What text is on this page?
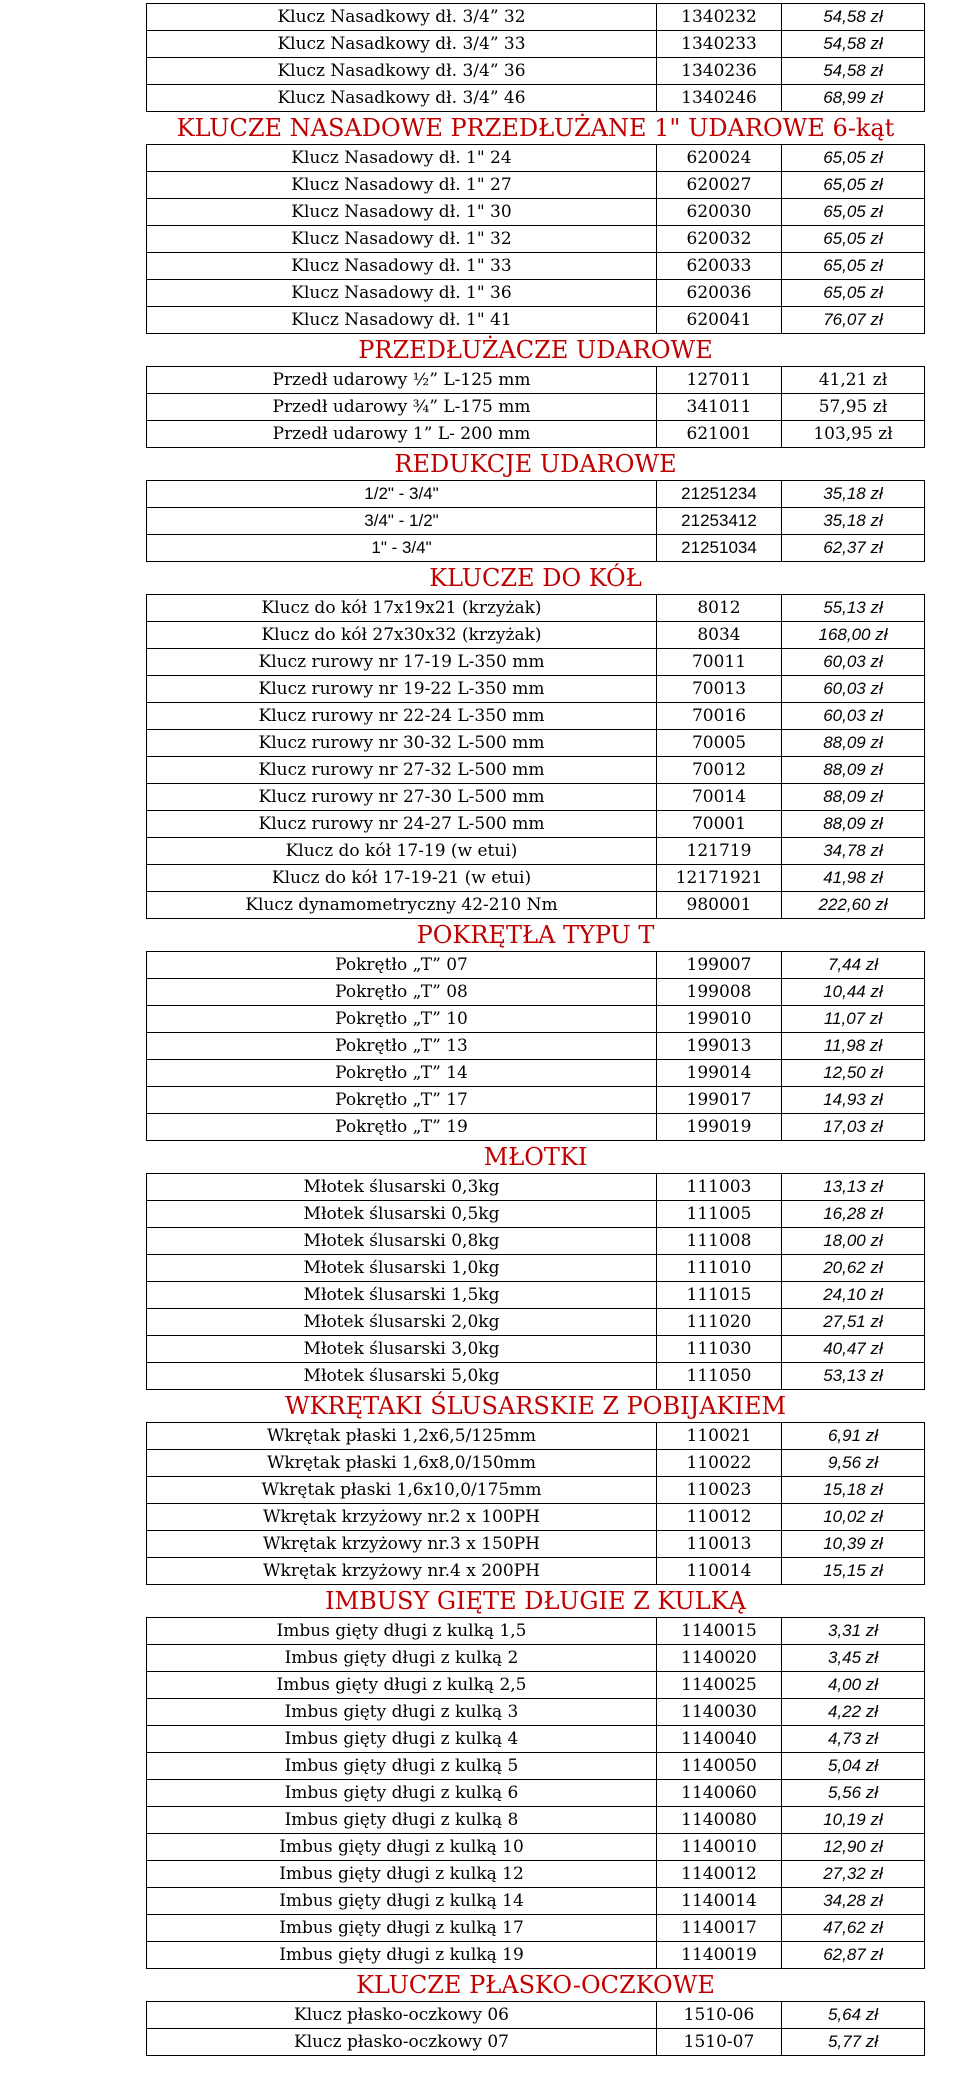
Klucz Nasadkowy dł. 3/4” 32	1340232	54,58 zł
Klucz Nasadkowy dł. 3/4” 33	1340233	54,58 zł
Klucz Nasadkowy dł. 3/4” 36	1340236	54,58 zł
Klucz Nasadkowy dł. 3/4” 46	1340246	68,99 zł
KLUCZE NASADOWE PRZEDŁUŻANE 1" UDAROWE 6-kąt		
Klucz Nasadowy dł. 1" 24	620024	65,05 zł
Klucz Nasadowy dł. 1" 27	620027	65,05 zł
Klucz Nasadowy dł. 1" 30	620030	65,05 zł
Klucz Nasadowy dł. 1" 32	620032	65,05 zł
Klucz Nasadowy dł. 1" 33	620033	65,05 zł
Klucz Nasadowy dł. 1" 36	620036	65,05 zł
Klucz Nasadowy dł. 1" 41	620041	76,07 zł
PRZEDŁUŻACZE UDAROWE		
Przedł udarowy ½” L-125 mm	127011	41,21 zł
Przedł udarowy ¾” L-175 mm	341011	57,95 zł
Przedł udarowy 1” L- 200 mm	621001	103,95 zł
REDUKCJE UDAROWE		
1/2" - 3/4"	21251234	35,18 zł
3/4" - 1/2"	21253412	35,18 zł
1" - 3/4"	21251034	62,37 zł
KLUCZE DO KÓŁ		
Klucz do kół 17x19x21 (krzyżak)	8012	55,13 zł
Klucz do kół 27x30x32 (krzyżak)	8034	168,00 zł
Klucz rurowy nr 17-19 L-350 mm	70011	60,03 zł
Klucz rurowy nr 19-22 L-350 mm	70013	60,03 zł
Klucz rurowy nr 22-24 L-350 mm	70016	60,03 zł
Klucz rurowy nr 30-32 L-500 mm	70005	88,09 zł
Klucz rurowy nr 27-32 L-500 mm	70012	88,09 zł
Klucz rurowy nr 27-30 L-500 mm	70014	88,09 zł
Klucz rurowy nr 24-27 L-500 mm	70001	88,09 zł
Klucz do kół 17-19 (w etui)	121719	34,78 zł
Klucz do kół 17-19-21 (w etui)	12171921	41,98 zł
Klucz dynamometryczny 42-210 Nm	980001	222,60 zł
POKRĘTŁA TYPU T		
Pokrętło „T” 07	199007	7,44 zł
Pokrętło „T” 08	199008	10,44 zł
Pokrętło „T” 10	199010	11,07 zł
Pokrętło „T” 13	199013	11,98 zł
Pokrętło „T” 14	199014	12,50 zł
Pokrętło „T” 17	199017	14,93 zł
Pokrętło „T” 19	199019	17,03 zł
MŁOTKI		
Młotek ślusarski 0,3kg	111003	13,13 zł
Młotek ślusarski 0,5kg	111005	16,28 zł
Młotek ślusarski 0,8kg	111008	18,00 zł
Młotek ślusarski 1,0kg	111010	20,62 zł
Młotek ślusarski 1,5kg	111015	24,10 zł
Młotek ślusarski 2,0kg	111020	27,51 zł
Młotek ślusarski 3,0kg	111030	40,47 zł
Młotek ślusarski 5,0kg	111050	53,13 zł
WKRĘTAKI ŚLUSARSKIE Z POBIJAKIEM		
Wkrętak płaski 1,2x6,5/125mm	110021	6,91 zł
Wkrętak płaski 1,6x8,0/150mm	110022	9,56 zł
Wkrętak płaski 1,6x10,0/175mm	110023	15,18 zł
Wkrętak krzyżowy nr.2 x 100PH	110012	10,02 zł
Wkrętak krzyżowy nr.3 x 150PH	110013	10,39 zł
Wkrętak krzyżowy nr.4 x 200PH	110014	15,15 zł
IMBUSY GIĘTE DŁUGIE Z KULKĄ		
Imbus gięty długi z kulką 1,5	1140015	3,31 zł
Imbus gięty długi z kulką 2	1140020	3,45 zł
Imbus gięty długi z kulką 2,5	1140025	4,00 zł
Imbus gięty długi z kulką 3	1140030	4,22 zł
Imbus gięty długi z kulką 4	1140040	4,73 zł
Imbus gięty długi z kulką 5	1140050	5,04 zł
Imbus gięty długi z kulką 6	1140060	5,56 zł
Imbus gięty długi z kulką 8	1140080	10,19 zł
Imbus gięty długi z kulką 10	1140010	12,90 zł
Imbus gięty długi z kulką 12	1140012	27,32 zł
Imbus gięty długi z kulką 14	1140014	34,28 zł
Imbus gięty długi z kulką 17	1140017	47,62 zł
Imbus gięty długi z kulką 19	1140019	62,87 zł
KLUCZE PŁASKO-OCZKOWE		
Klucz płasko-oczkowy 06	1510-06	5,64 zł
Klucz płasko-oczkowy 07	1510-07	5,77 zł
